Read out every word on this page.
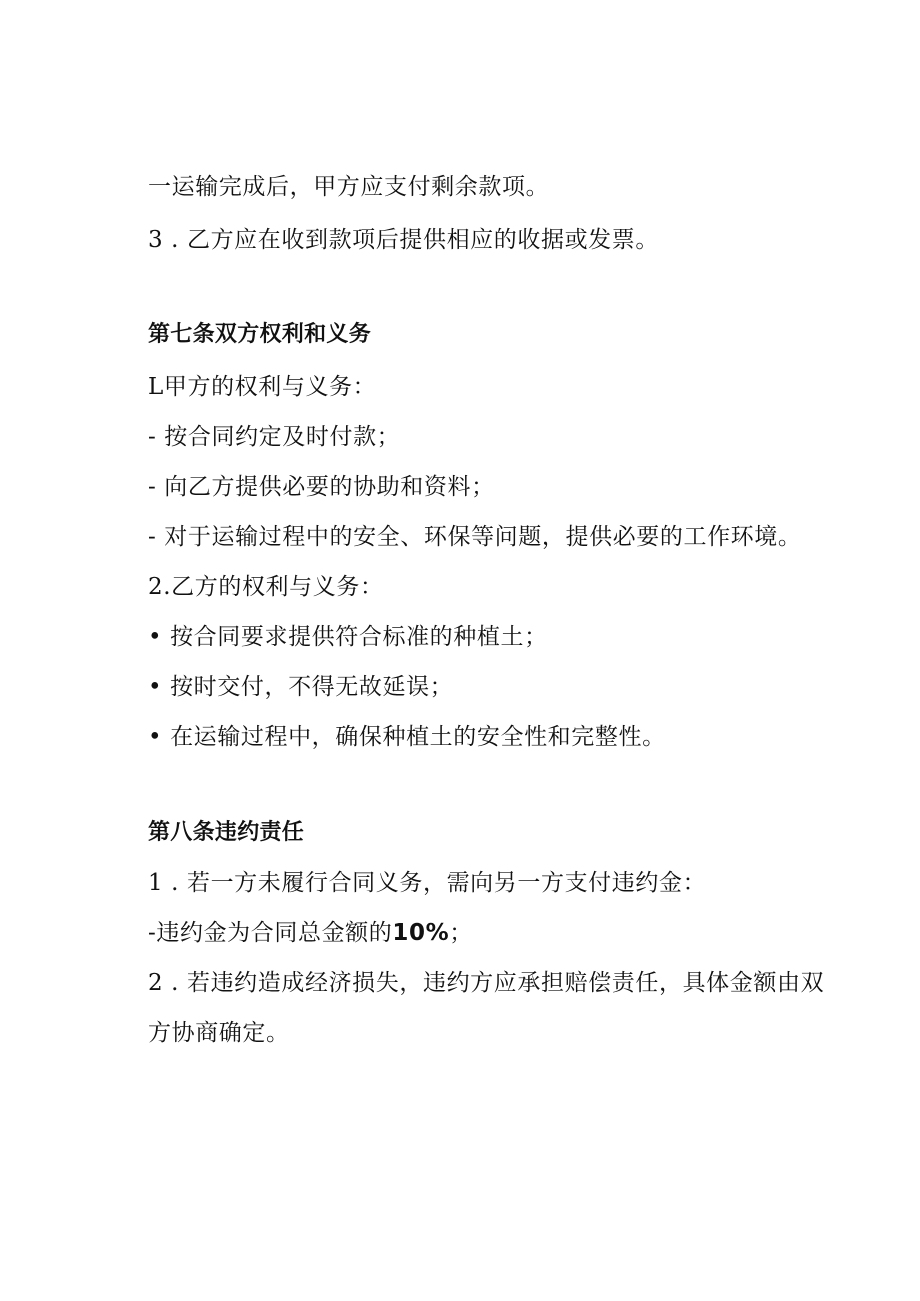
一运输完成后，甲方应支付剩余款项。
3 . 乙方应在收到款项后提供相应的收据或发票。
第七条双方权利和义务
L甲方的权利与义务：
- 按合同约定及时付款；
- 向乙方提供必要的协助和资料；
- 对于运输过程中的安全、环保等问题，提供必要的工作环境。
2.乙方的权利与义务：
• 按合同要求提供符合标准的种植土；
• 按时交付，不得无故延误；
• 在运输过程中，确保种植土的安全性和完整性。
第八条违约责任
1 . 若一方未履行合同义务，需向另一方支付违约金：
-违约金为合同总金额的10%；
2 . 若违约造成经济损失，违约方应承担赔偿责任，具体金额由双
方协商确定。
